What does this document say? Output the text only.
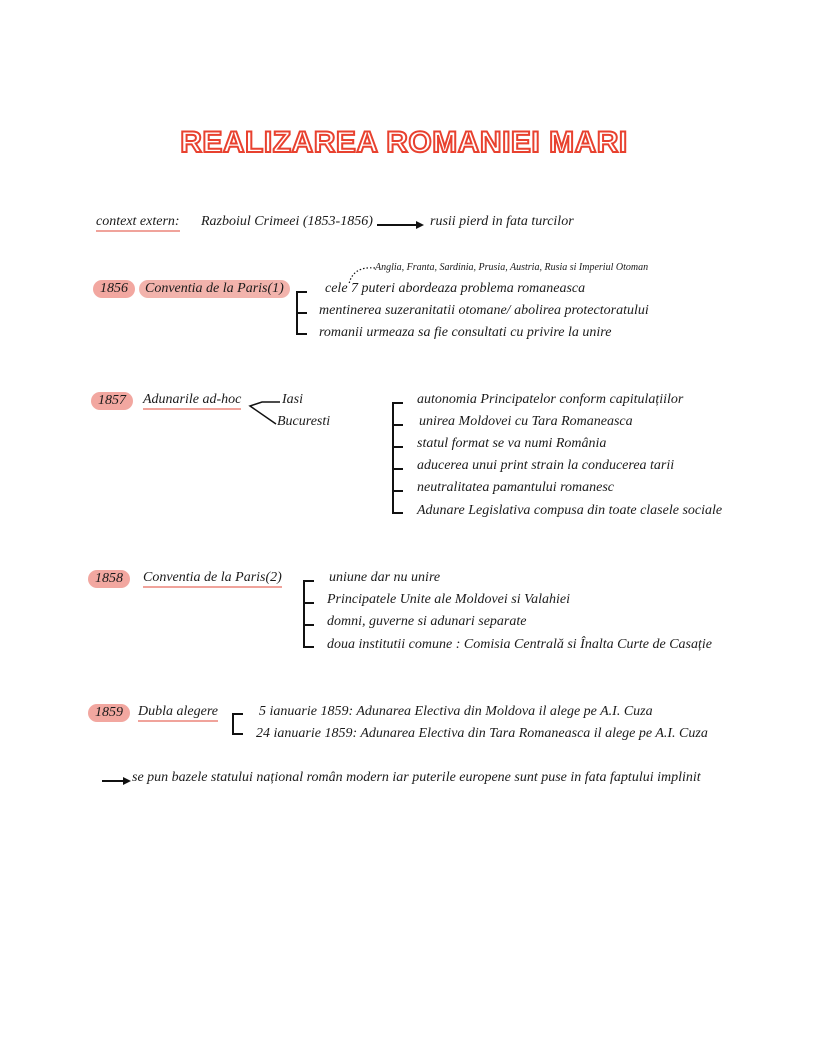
REALIZAREA ROMANIEI MARI
context extern: Razboiul Crimeei (1853-1856)	rusii pierd in fata turcilor
Anglia, Franta, Sardinia, Prusia, Austria, Rusia si Imperiul Otoman
1856	Conventia de la Paris(1)	cele 7 puteri abordeaza problema romaneasca
mentinerea suzeranitatii otomane/ abolirea protectoratului
romanii urmeaza sa fie consultati cu privire la unire
1857	Adunarile ad-hoc	Iasi
Bucuresti
autonomia Principatelor conform capitulațiilor
unirea Moldovei cu Tara Romaneasca
statul format se va numi România
aducerea unui print strain la conducerea tarii
neutralitatea pamantului romanesc
Adunare Legislativa compusa din toate clasele sociale
1858	Conventia de la Paris(2)	uniune dar nu unire
Principatele Unite ale Moldovei si Valahiei
domni, guverne si adunari separate
doua institutii comune : Comisia Centrală si Înalta Curte de Casație
1859	Dubla alegere	5 ianuarie 1859: Adunarea Electiva din Moldova il alege pe A.I. Cuza
24 ianuarie 1859: Adunarea Electiva din Tara Romaneasca il alege pe A.I. Cuza
se pun bazele statului național român modern iar puterile europene sunt puse in fata faptului implinit
